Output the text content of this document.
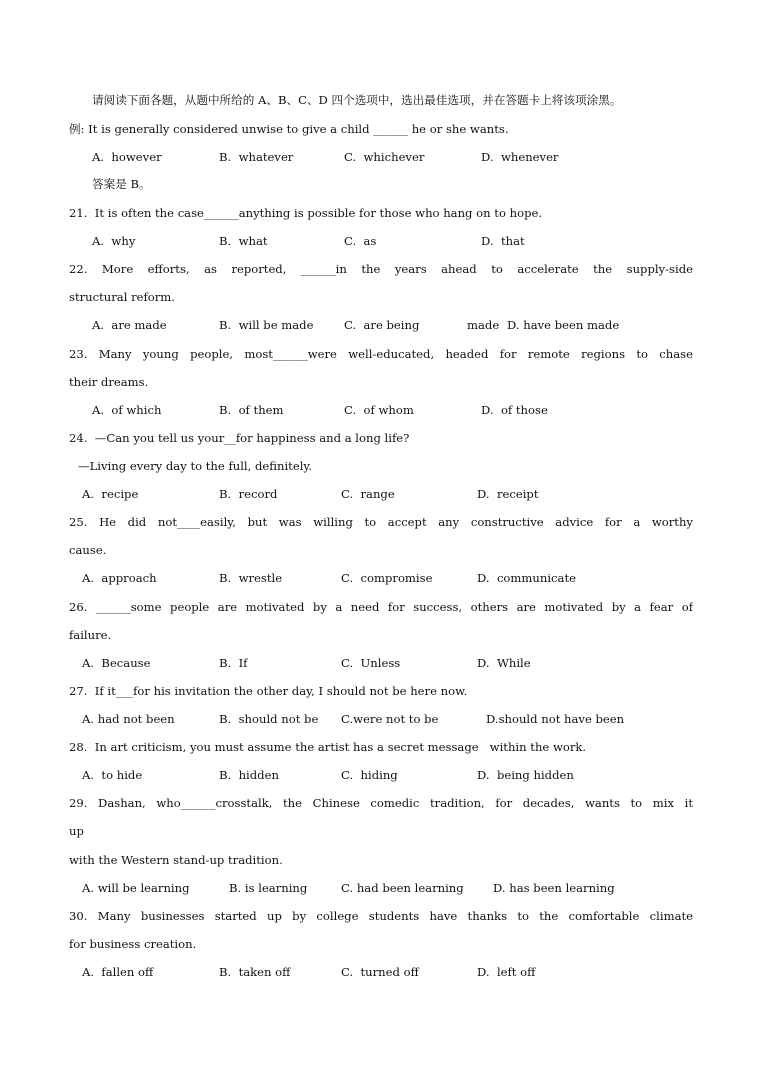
请阅读下面各题，从题中所给的 A、B、C、D 四个选项中，选出最佳选项，并在答题卡上将该项涂黑。

例: It is generally considered unwise to give a child ______ he or she wants.

A.  however

	B.  whatever

	C.  whichever

	D.  whenever

答案是 B。

21.  It is often the case______anything is possible for those who hang on to hope.

A.  why

	B.  what

	C.  as

	D.  that

22. More efforts, as reported, ______in the years ahead to accelerate the supply-side

structural reform.

A.  are made

	B.  will be made

	C.  are being

	made

D. have been made

23. Many young people, most______were well-educated, headed for remote regions to chase

their dreams.

A.  of which

	B.  of them

	C.  of whom

	D.  of those

24.  —Can you tell us your__for happiness and a long life?

—Living every day to the full, definitely.

A.  recipe

	B.  record

	C.  range

	D.  receipt

25. He did not____easily, but was willing to accept any constructive advice for a worthy

cause.

A.  approach

	B.  wrestle

	C.  compromise

	D.  communicate

26. ______some people are motivated by a need for success, others are motivated by a fear of

failure.

A.  Because

	B.  If

	C.  Unless

	D.  While

27.  If it___for his invitation the other day, I should not be here now.

A. had not been

	B.  should not be

C.were not to be

	D.should not have been

28.  In art criticism, you must assume the artist has a secret message   within the work.

A.  to hide

	B.  hidden

	C.  hiding

	D.  being hidden

29. Dashan, who______crosstalk, the Chinese comedic tradition, for decades, wants to mix it

up

with the Western stand-up tradition.

A. will be learning

	B. is learning

	C. had been learning

	D. has been learning

30. Many businesses started up by college students have thanks to the comfortable climate

for business creation.

A.  fallen off

	B.  taken off

	C.  turned off

	D.  left off
